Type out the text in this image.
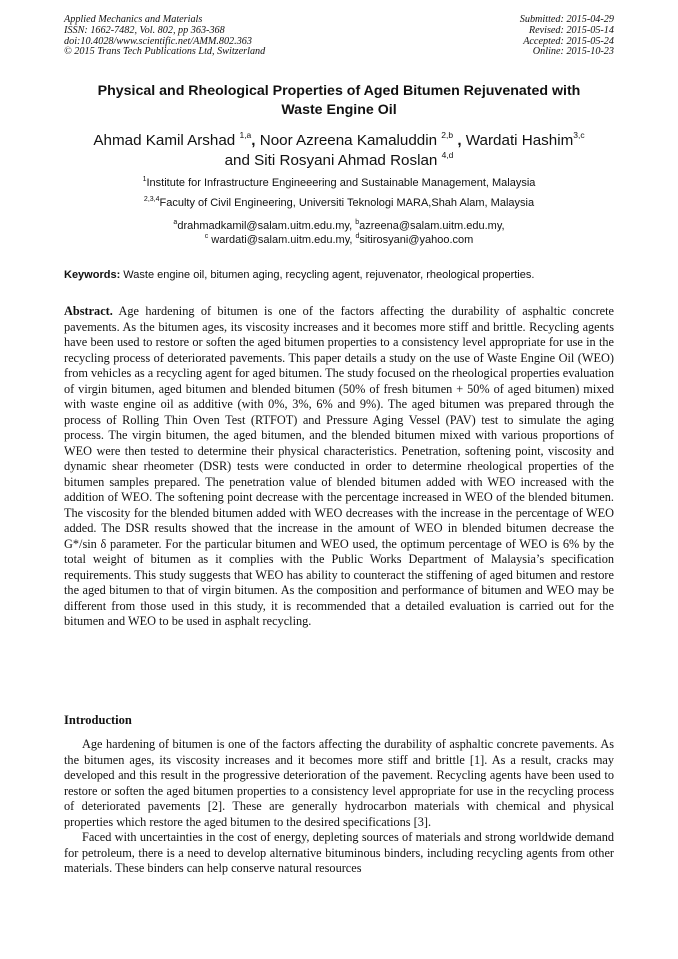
Applied Mechanics and Materials
ISSN: 1662-7482, Vol. 802, pp 363-368
doi:10.4028/www.scientific.net/AMM.802.363
© 2015 Trans Tech Publications Ltd, Switzerland
Submitted: 2015-04-29
Revised: 2015-05-14
Accepted: 2015-05-24
Online: 2015-10-23
Physical and Rheological Properties of Aged Bitumen Rejuvenated with
Waste Engine Oil
Ahmad Kamil Arshad $^{1,a}$, Noor Azreena Kamaluddin $^{2,b}$ , Wardati Hashim$^{3,c}$
and Siti Rosyani Ahmad Roslan $^{4,d}$
$^1$Institute for Infrastructure Engineeering and Sustainable Management, Malaysia
$^{2,3,4}$Faculty of Civil Engineering, Universiti Teknologi MARA,Shah Alam, Malaysia
$^a$drahmadkamil@salam.uitm.edu.my, $^b$azreena@salam.uitm.edu.my,
$^c$ wardati@salam.uitm.edu.my, $^d$sitirosyani@yahoo.com
Keywords: Waste engine oil, bitumen aging, recycling agent, rejuvenator, rheological properties.
Abstract. Age hardening of bitumen is one of the factors affecting the durability of asphaltic concrete pavements. As the bitumen ages, its viscosity increases and it becomes more stiff and brittle. Recycling agents have been used to restore or soften the aged bitumen properties to a consistency level appropriate for use in the recycling process of deteriorated pavements. This paper details a study on the use of Waste Engine Oil (WEO) from vehicles as a recycling agent for aged bitumen. The study focused on the rheological properties evaluation of virgin bitumen, aged bitumen and blended bitumen (50% of fresh bitumen + 50% of aged bitumen) mixed with waste engine oil as additive (with 0%, 3%, 6% and 9%). The aged bitumen was prepared through the process of Rolling Thin Oven Test (RTFOT) and Pressure Aging Vessel (PAV) test to simulate the aging process. The virgin bitumen, the aged bitumen, and the blended bitumen mixed with various proportions of WEO were then tested to determine their physical characteristics. Penetration, softening point, viscosity and dynamic shear rheometer (DSR) tests were conducted in order to determine rheological properties of the bitumen samples prepared. The penetration value of blended bitumen added with WEO increased with the addition of WEO. The softening point decrease with the percentage increased in WEO of the blended bitumen. The viscosity for the blended bitumen added with WEO decreases with the increase in the percentage of WEO added. The DSR results showed that the increase in the amount of WEO in blended bitumen decrease the G*/sin δ parameter. For the particular bitumen and WEO used, the optimum percentage of WEO is 6% by the total weight of bitumen as it complies with the Public Works Department of Malaysia’s specification requirements. This study suggests that WEO has ability to counteract the stiffening of aged bitumen and restore the aged bitumen to that of virgin bitumen. As the composition and performance of bitumen and WEO may be different from those used in this study, it is recommended that a detailed evaluation is carried out for the bitumen and WEO to be used in asphalt recycling.
Introduction

Age hardening of bitumen is one of the factors affecting the durability of asphaltic concrete pavements. As the bitumen ages, its viscosity increases and it becomes more stiff and brittle [1]. As a result, cracks may developed and this result in the progressive deterioration of the pavement. Recycling agents have been used to restore or soften the aged bitumen properties to a consistency level appropriate for use in the recycling process of deteriorated pavements [2]. These are generally hydrocarbon materials with chemical and physical properties which restore the aged bitumen to the desired specifications [3].

Faced with uncertainties in the cost of energy, depleting sources of materials and strong worldwide demand for petroleum, there is a need to develop alternative bituminous binders, including recycling agents from other materials. These binders can help conserve natural resources
